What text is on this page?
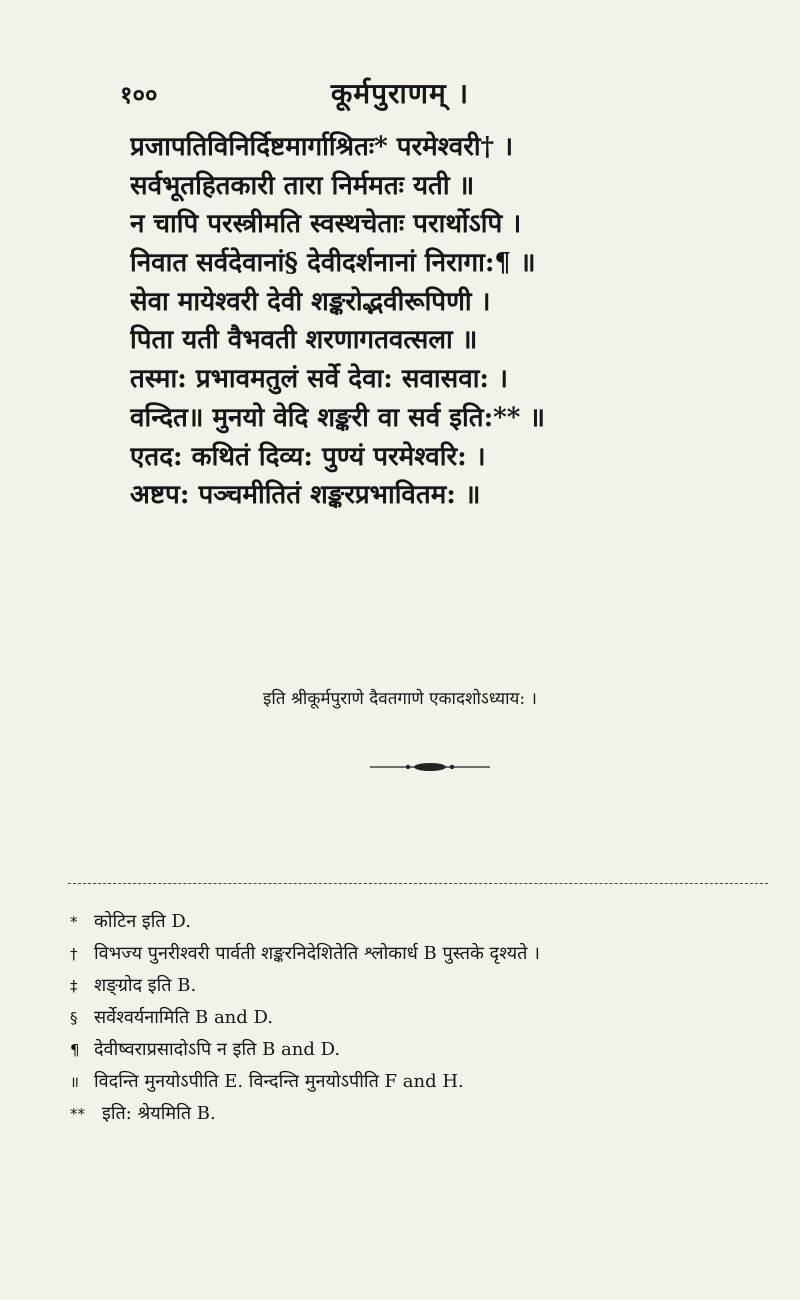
१००	कूर्मपुराणम् ।
प्रजापतिविनिर्दिष्टमार्गाश्रितः* परमेश्वरी† ।
सर्वभूतहितकारी तारा निर्ममतः यती ॥
न चापि परस्त्रीमति स्वस्थचेताः परार्थोऽपि ।
निवात सर्वदेवानां§ देवीदर्शनानां निरागा:¶ ॥
सेवा मायेश्वरी देवी शङ्करोद्भवीरूपिणी ।
पिता यती वैभवती शरणागतवत्सला ॥
तस्मा: प्रभावमतुलं सर्वे देवा: सवासवा: ।
वन्दित॥ मुनयो वेदि शङ्करी वा सर्व इति:** ॥
एतद: कथितं दिव्य: पुण्यं परमेश्वरि: ।
अष्टप: पञ्चमीतितं शङ्करप्रभावितम: ॥
इति श्रीकूर्मपुराणे दैवतगाणे एकादशोऽध्याय: ।
* कोटिन इति D.
† विभज्य पुनरीश्वरी पार्वती शङ्करनिदेशितेति श्लोकार्ध B पुस्तके दृश्यते ।
‡ शङ्ग्रोद इति B.
§ सर्वेश्वर्यनामिति B and D.
¶ देवीष्वराप्रसादोऽपि न इति B and D.
॥ विदन्ति मुनयोऽपीति E. विन्दन्ति मुनयोऽपीति F and H.
** इति: श्रेयमिति B.
